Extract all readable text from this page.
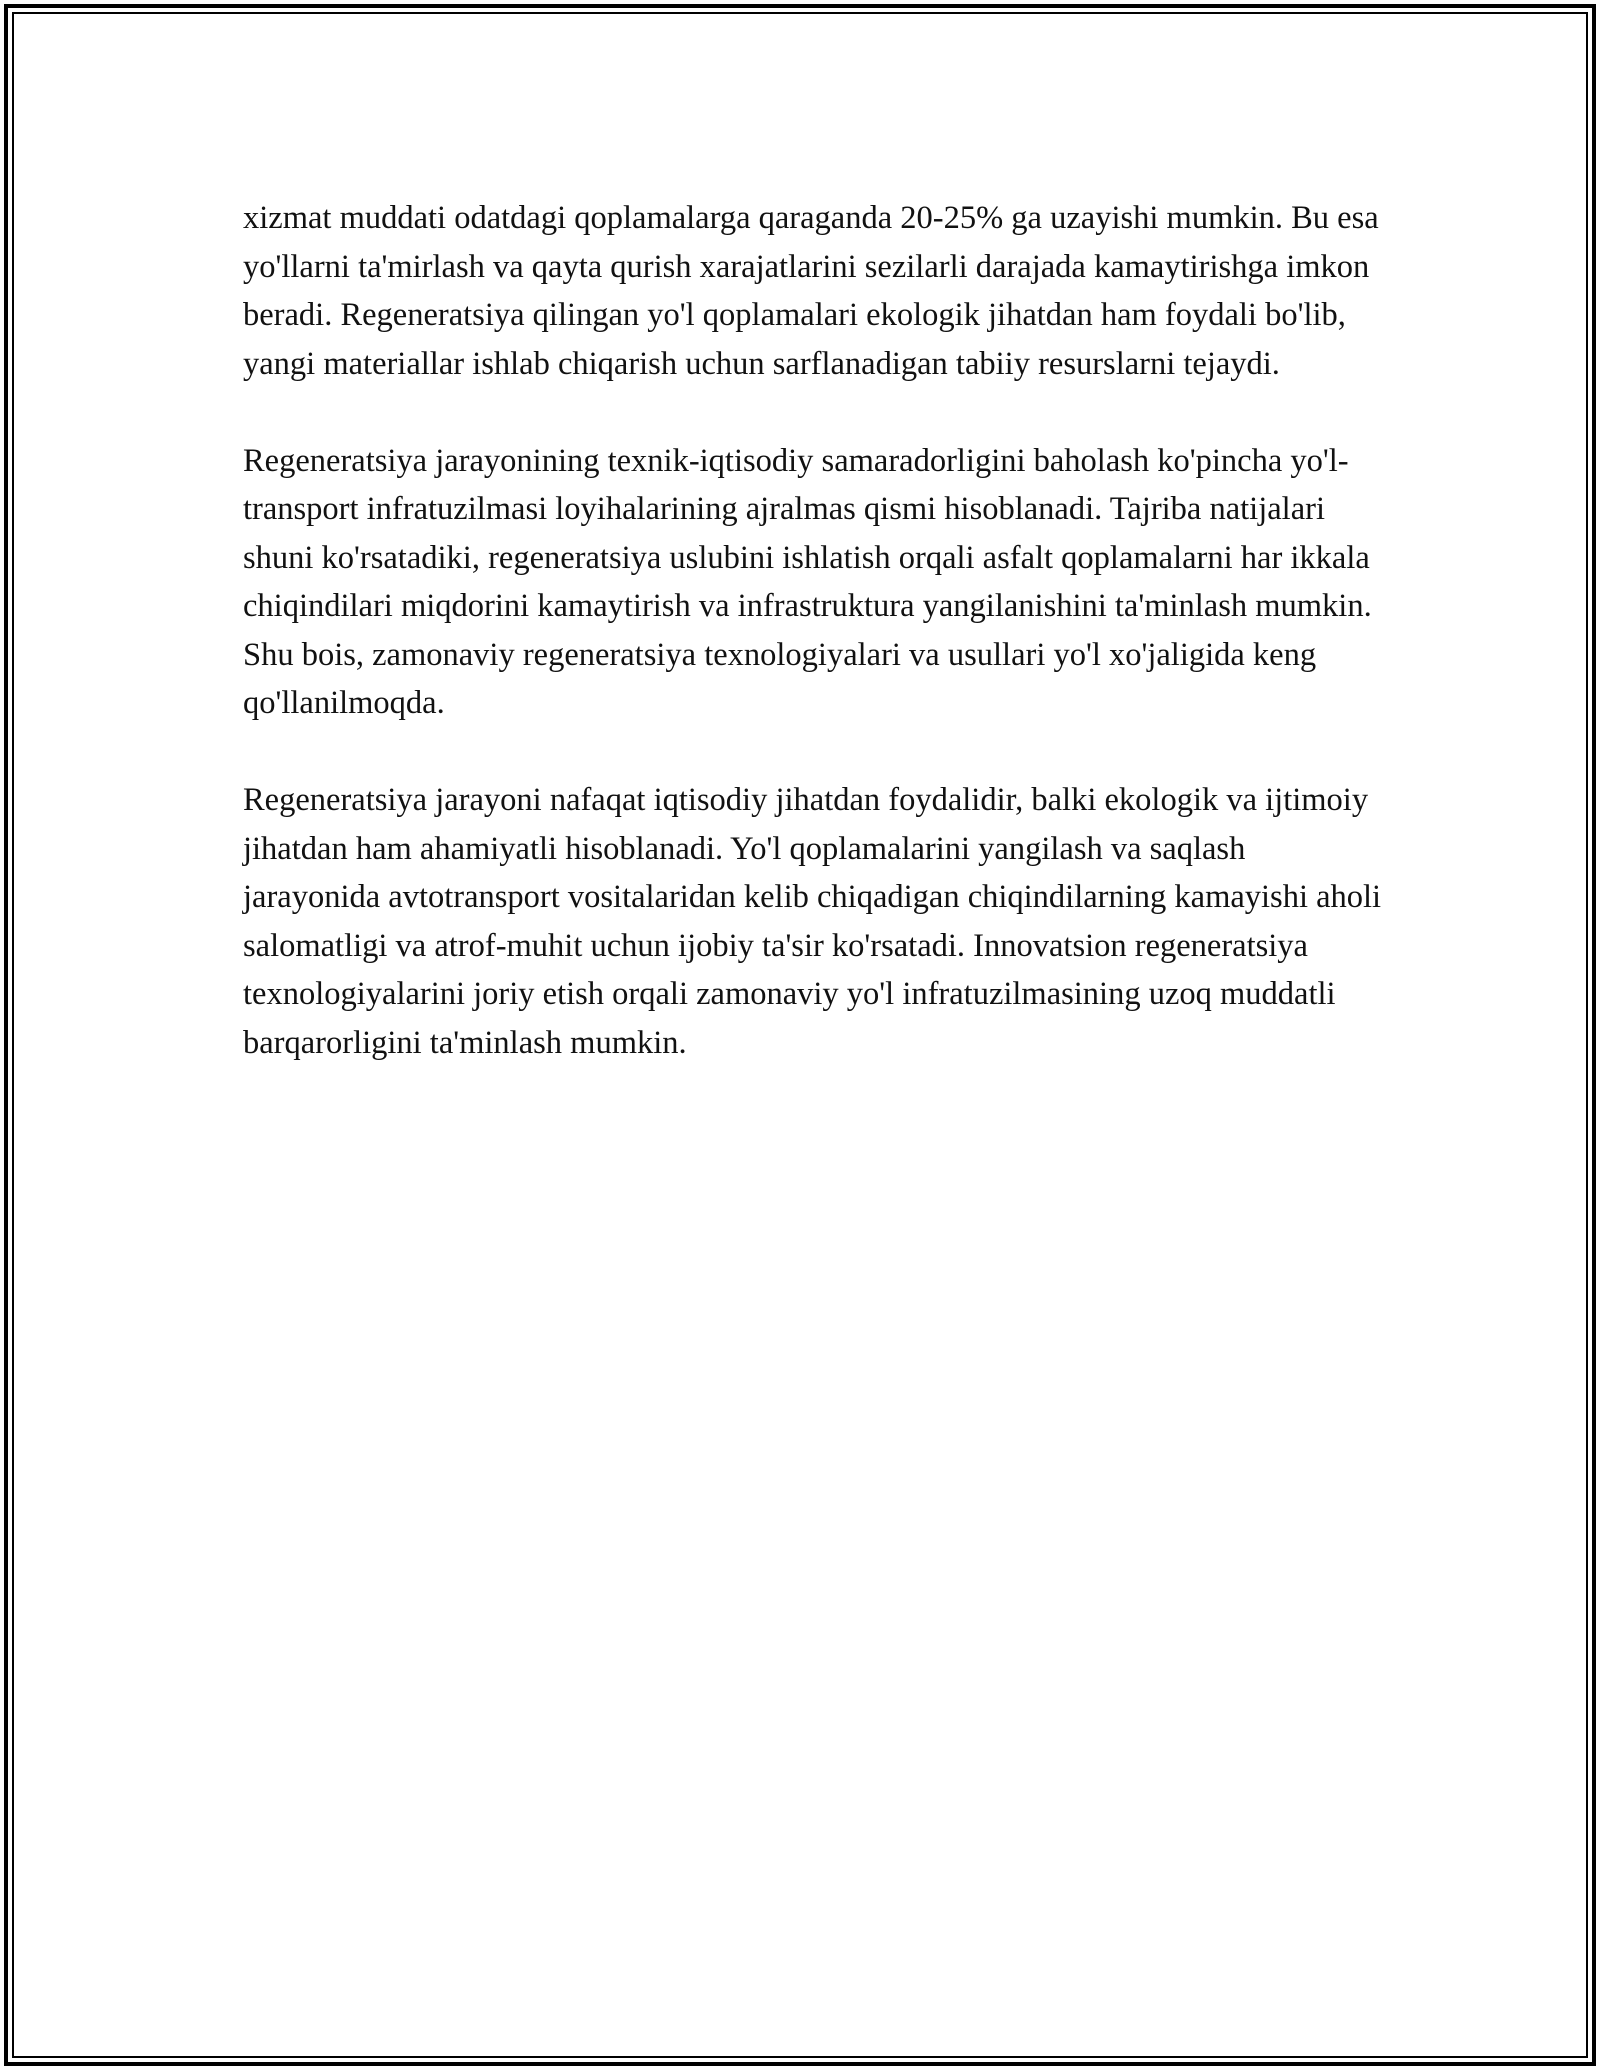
xizmat muddati odatdagi qoplamalarga qaraganda 20-25% ga uzayishi mumkin. Bu esa yo'llarni ta'mirlash va qayta qurish xarajatlarini sezilarli darajada kamaytirishga imkon beradi. Regeneratsiya qilingan yo'l qoplamalari ekologik jihatdan ham foydali bo'lib, yangi materiallar ishlab chiqarish uchun sarflanadigan tabiiy resurslarni tejaydi.

Regeneratsiya jarayonining texnik-iqtisodiy samaradorligini baholash ko'pincha yo'l-transport infratuzilmasi loyihalarining ajralmas qismi hisoblanadi. Tajriba natijalari shuni ko'rsatadiki, regeneratsiya uslubini ishlatish orqali asfalt qoplamalarni har ikkala chiqindilari miqdorini kamaytirish va infrastruktura yangilanishini ta'minlash mumkin. Shu bois, zamonaviy regeneratsiya texnologiyalari va usullari yo'l xo'jaligida keng qo'llanilmoqda.

Regeneratsiya jarayoni nafaqat iqtisodiy jihatdan foydalidir, balki ekologik va ijtimoiy jihatdan ham ahamiyatli hisoblanadi. Yo'l qoplamalarini yangilash va saqlash jarayonida avtotransport vositalaridan kelib chiqadigan chiqindilarning kamayishi aholi salomatligi va atrof-muhit uchun ijobiy ta'sir ko'rsatadi. Innovatsion regeneratsiya texnologiyalarini joriy etish orqali zamonaviy yo'l infratuzilmasining uzoq muddatli barqarorligini ta'minlash mumkin.
